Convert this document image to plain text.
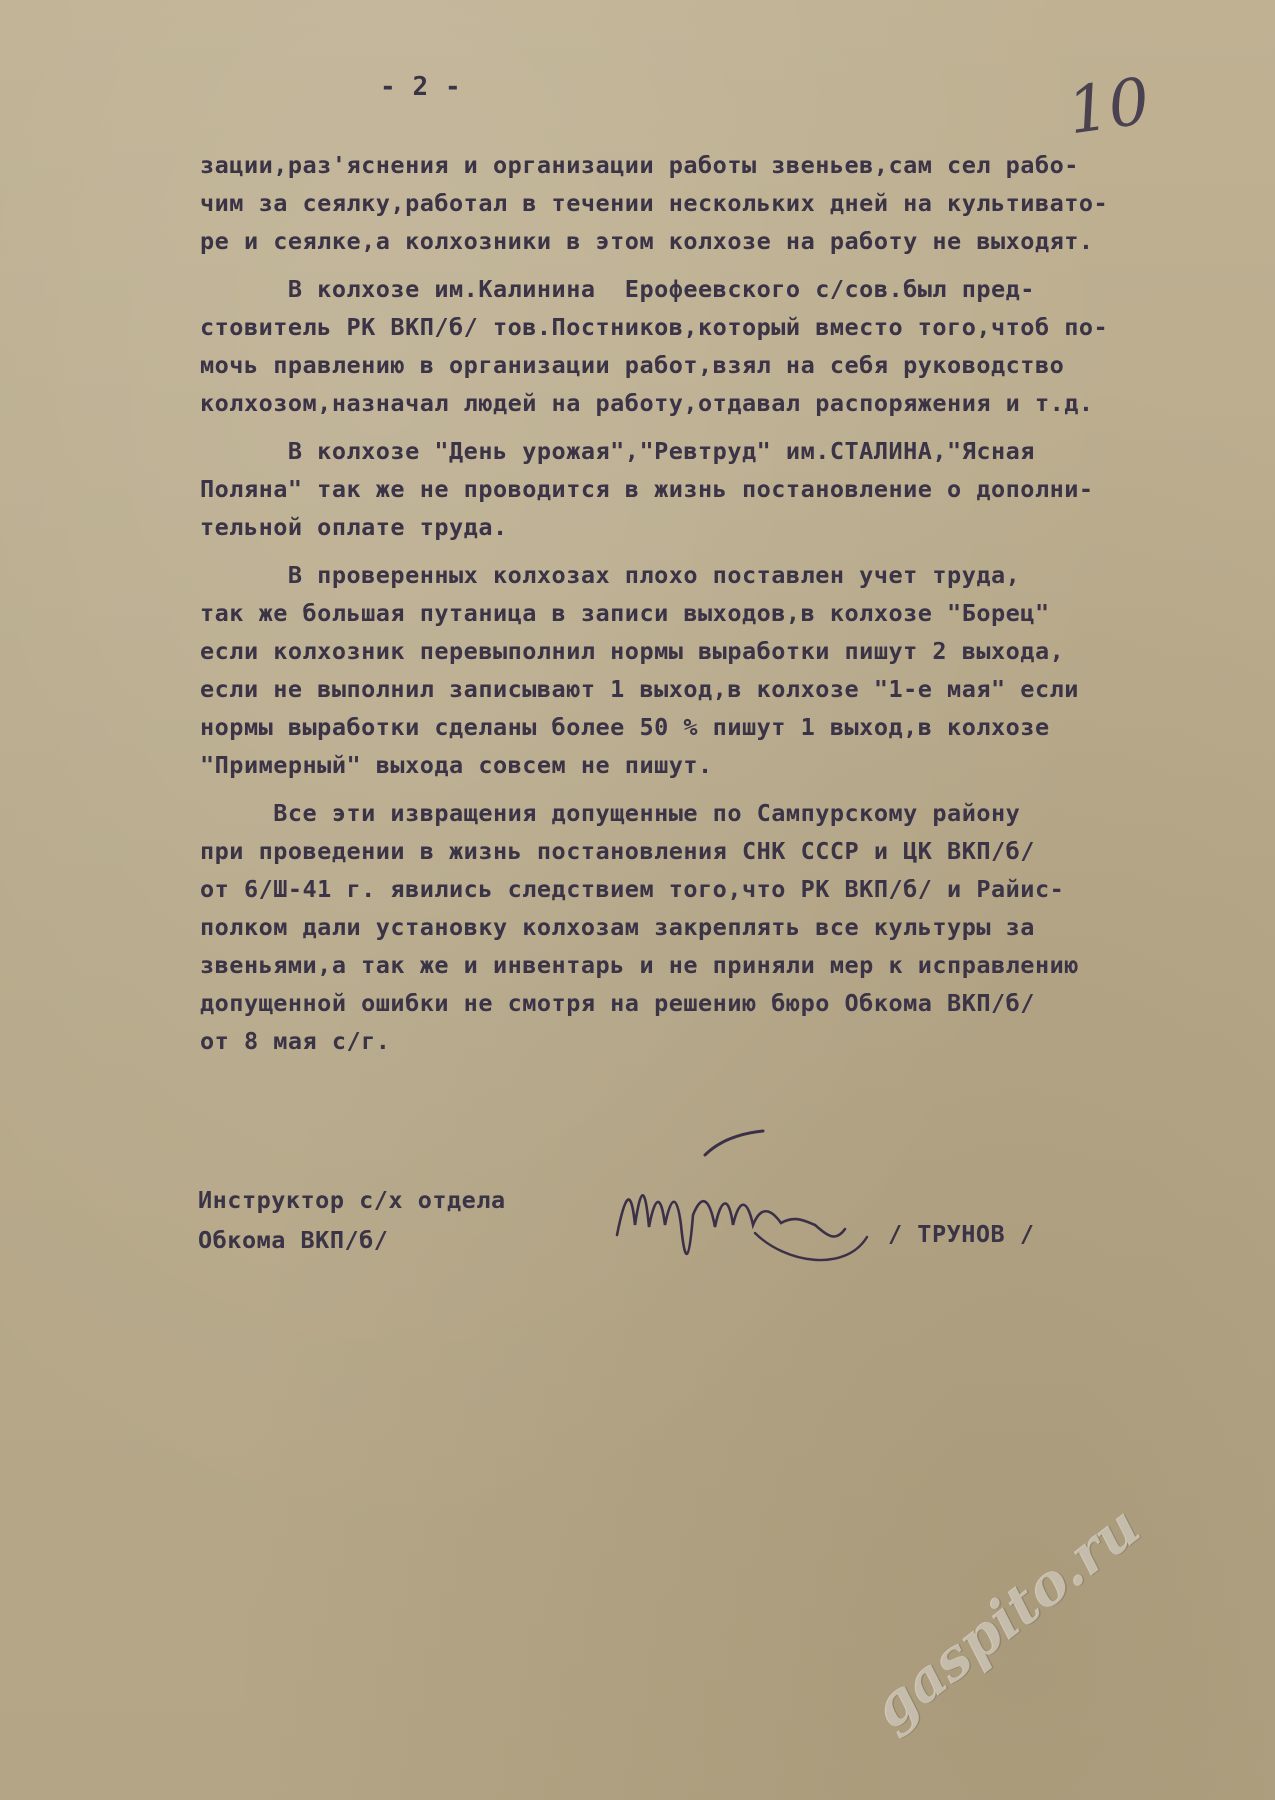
- 2 -	10
зации,раз'яснения и организации работы звеньев,сам сел рабо-
чим за сеялку,работал в течении нескольких дней на культивато-
ре и сеялке,а колхозники в этом колхозе на работу не выходят.
В колхозе им.Калинина  Ерофеевского с/сов.был пред-
стовитель РК ВКП/б/ тов.Постников,который вместо того,чтоб по-
мочь правлению в организации работ,взял на себя руководство
колхозом,назначал людей на работу,отдавал распоряжения и т.д.
В колхозе "День урожая","Ревтруд" им.СТАЛИНА,"Ясная
Поляна" так же не проводится в жизнь постановление о дополни-
тельной оплате труда.
В проверенных колхозах плохо поставлен учет труда,
так же большая путаница в записи выходов,в колхозе "Борец"
если колхозник перевыполнил нормы выработки пишут 2 выхода,
если не выполнил записывают 1 выход,в колхозе "1-е мая" если
нормы выработки сделаны более 50 % пишут 1 выход,в колхозе
"Примерный" выхода совсем не пишут.
Все эти извращения допущенные по Сампурскому району
при проведении в жизнь постановления СНК СССР и ЦК ВКП/б/
от 6/Ш-41 г. явились следствием того,что РК ВКП/б/ и Райис-
полком дали установку колхозам закреплять все культуры за
звеньями,а так же и инвентарь и не приняли мер к исправлению
допущенной ошибки не смотря на решению бюро Обкома ВКП/б/
от 8 мая с/г.
Инструктор с/х отдела
Обкома ВКП/б/	/ ТРУНОВ /
gaspito.ru
